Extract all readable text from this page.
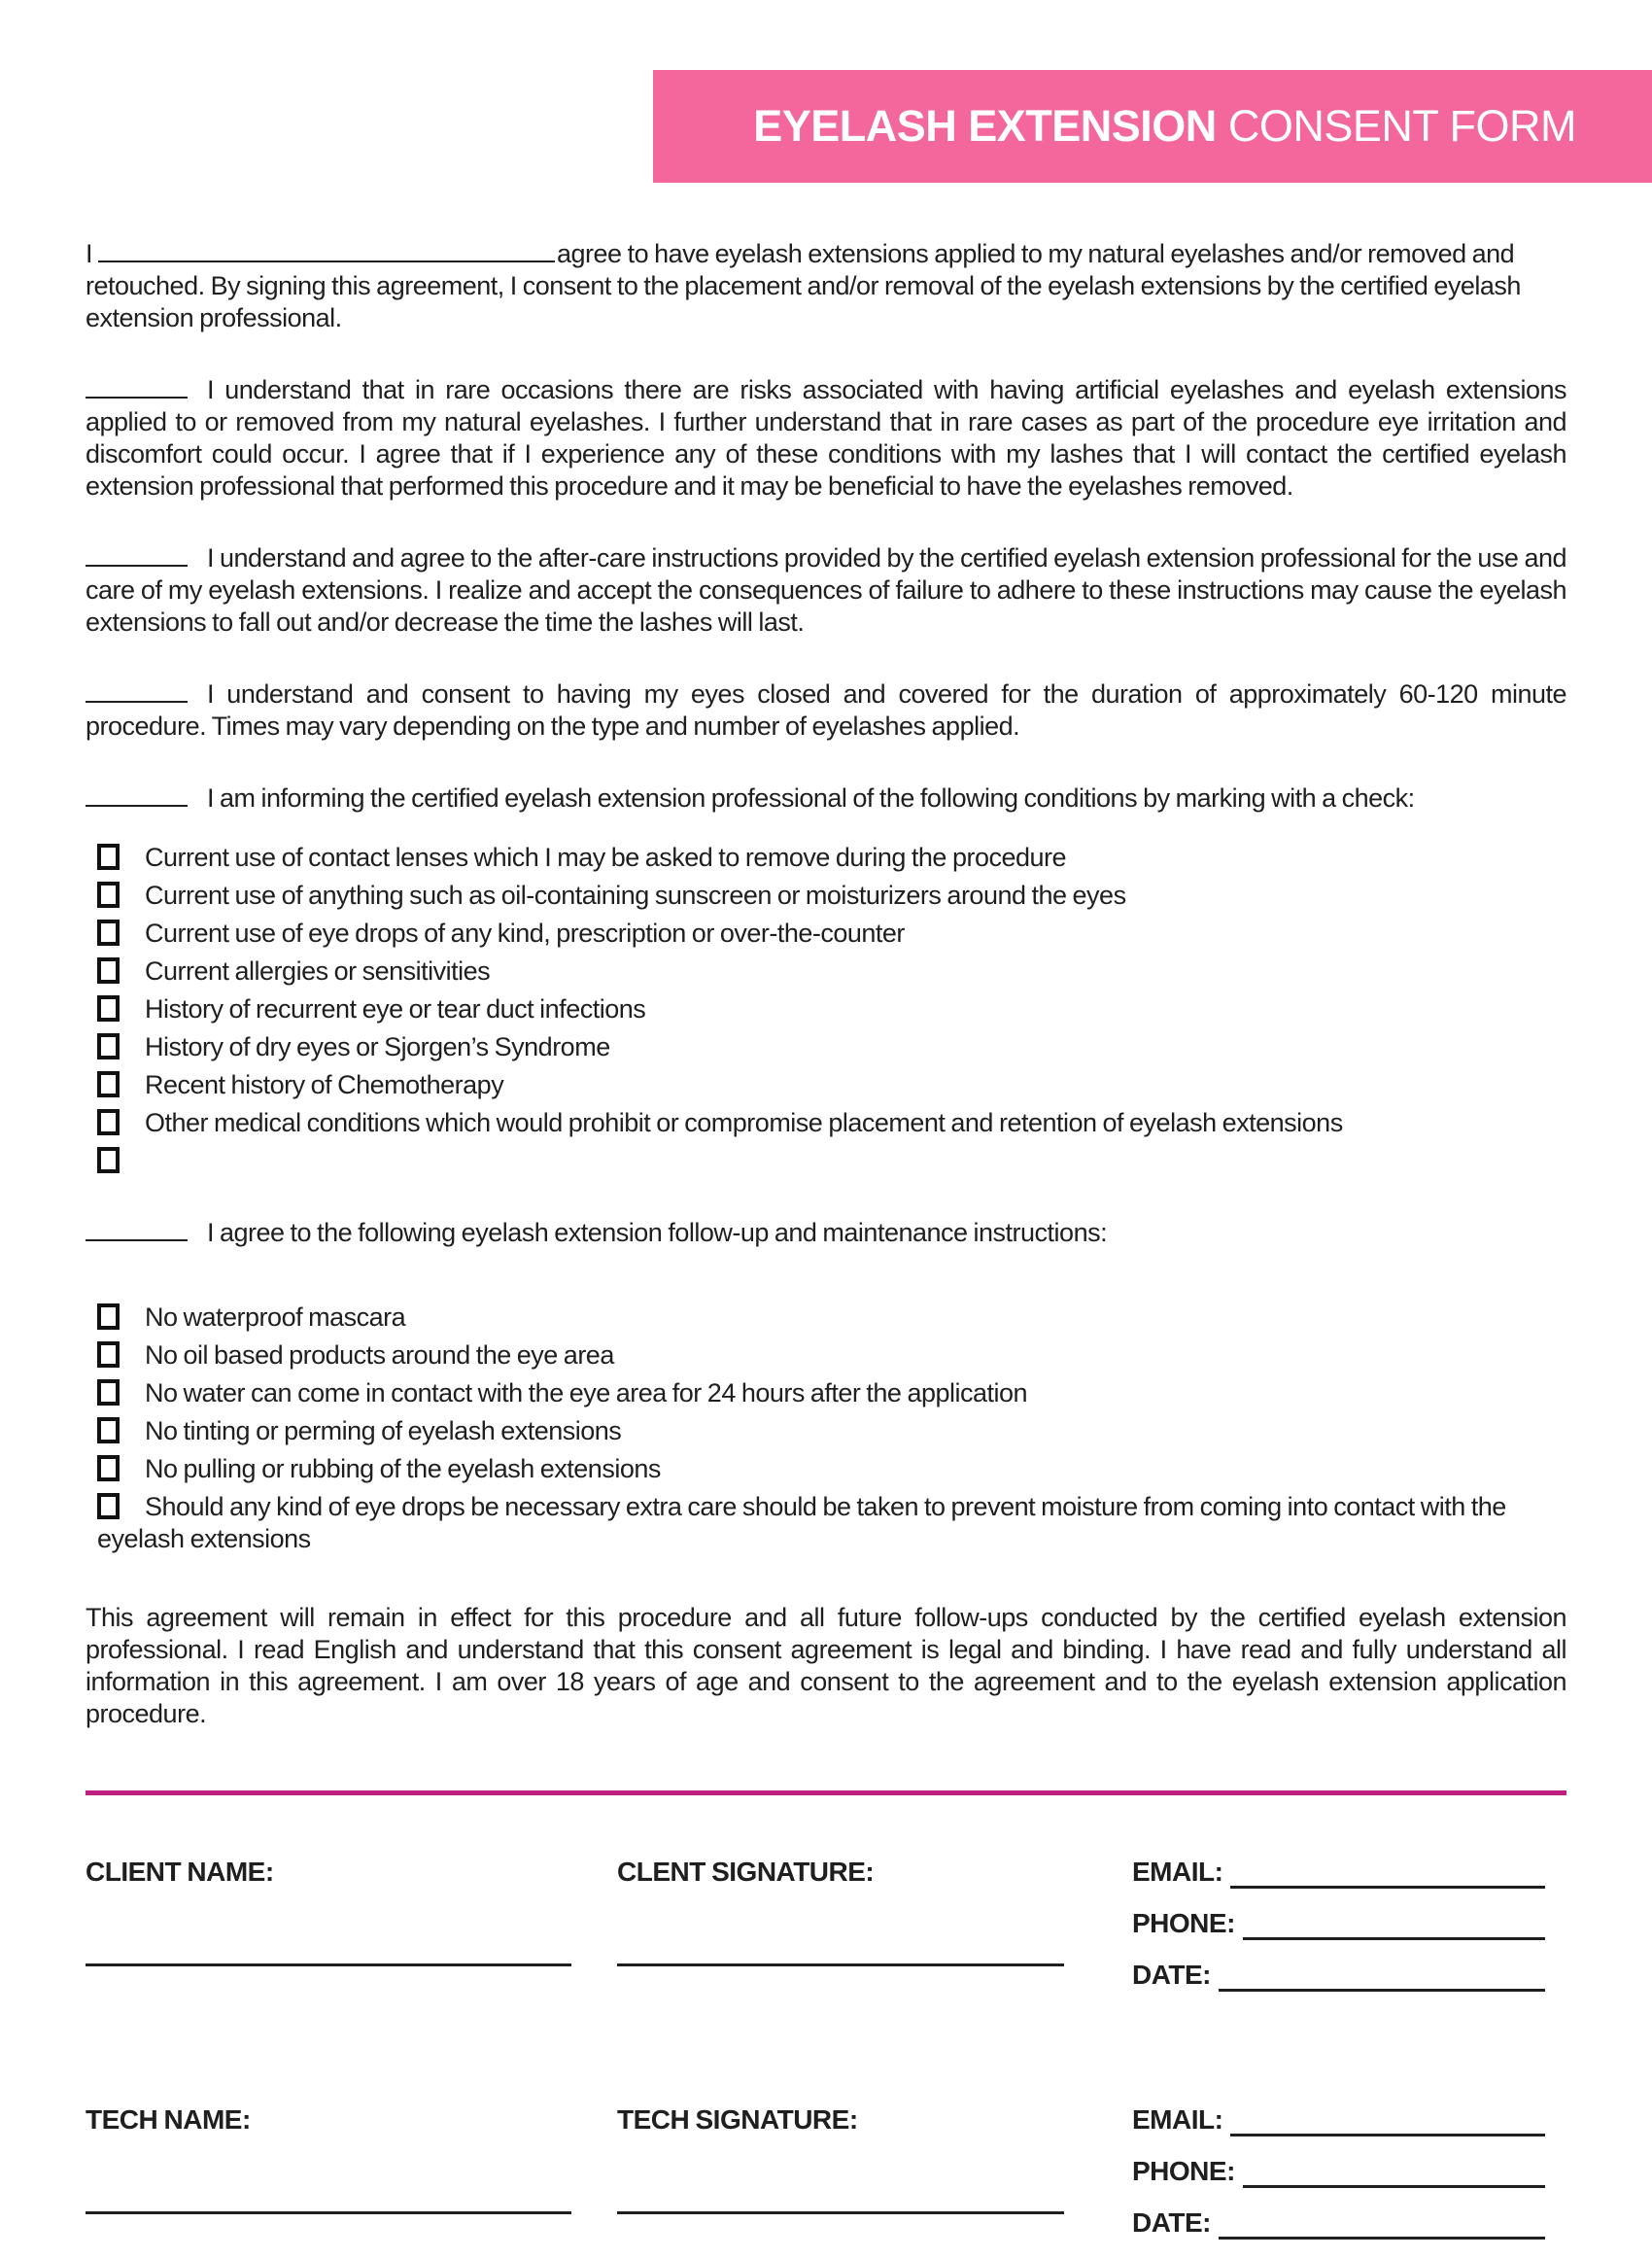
EYELASH EXTENSION CONSENT FORM

I	agree to have eyelash extensions applied to my natural eyelashes and/or removed and retouched. By signing this agreement, I consent to the placement and/or removal of the eyelash extensions by the certified eyelash extension professional.

I understand that in rare occasions there are risks associated with having artificial eyelashes and eyelash extensions applied to or removed from my natural eyelashes. I further understand that in rare cases as part of the procedure eye irritation and discomfort could occur. I agree that if I experience any of these conditions with my lashes that I will contact the certified eyelash extension professional that performed this procedure and it may be beneficial to have the eyelashes removed.

I understand and agree to the after-care instructions provided by the certified eyelash extension professional for the use and care of my eyelash extensions. I realize and accept the consequences of failure to adhere to these instructions may cause the eyelash extensions to fall out and/or decrease the time the lashes will last.

I understand and consent to having my eyes closed and covered for the duration of approximately 60-120 minute procedure. Times may vary depending on the type and number of eyelashes applied.

I am informing the certified eyelash extension professional of the following conditions by marking with a check:

Current use of contact lenses which I may be asked to remove during the procedure
Current use of anything such as oil-containing sunscreen or moisturizers around the eyes
Current use of eye drops of any kind, prescription or over-the-counter
Current allergies or sensitivities
History of recurrent eye or tear duct infections
History of dry eyes or Sjorgen’s Syndrome
Recent history of Chemotherapy
Other medical conditions which would prohibit or compromise placement and retention of eyelash extensions

I agree to the following eyelash extension follow-up and maintenance instructions:

No waterproof mascara
No oil based products around the eye area
No water can come in contact with the eye area for 24 hours after the application
No tinting or perming of eyelash extensions
No pulling or rubbing of the eyelash extensions
Should any kind of eye drops be necessary extra care should be taken to prevent moisture from coming into contact with the eyelash extensions

This agreement will remain in effect for this procedure and all future follow-ups conducted by the certified eyelash extension professional. I read English and understand that this consent agreement is legal and binding. I have read and fully understand all information in this agreement. I am over 18 years of age and consent to the agreement and to the eyelash extension application procedure.

CLIENT NAME:	CLENT SIGNATURE:	EMAIL:
PHONE:
DATE:
TECH NAME:	TECH SIGNATURE:	EMAIL:
PHONE:
DATE:
